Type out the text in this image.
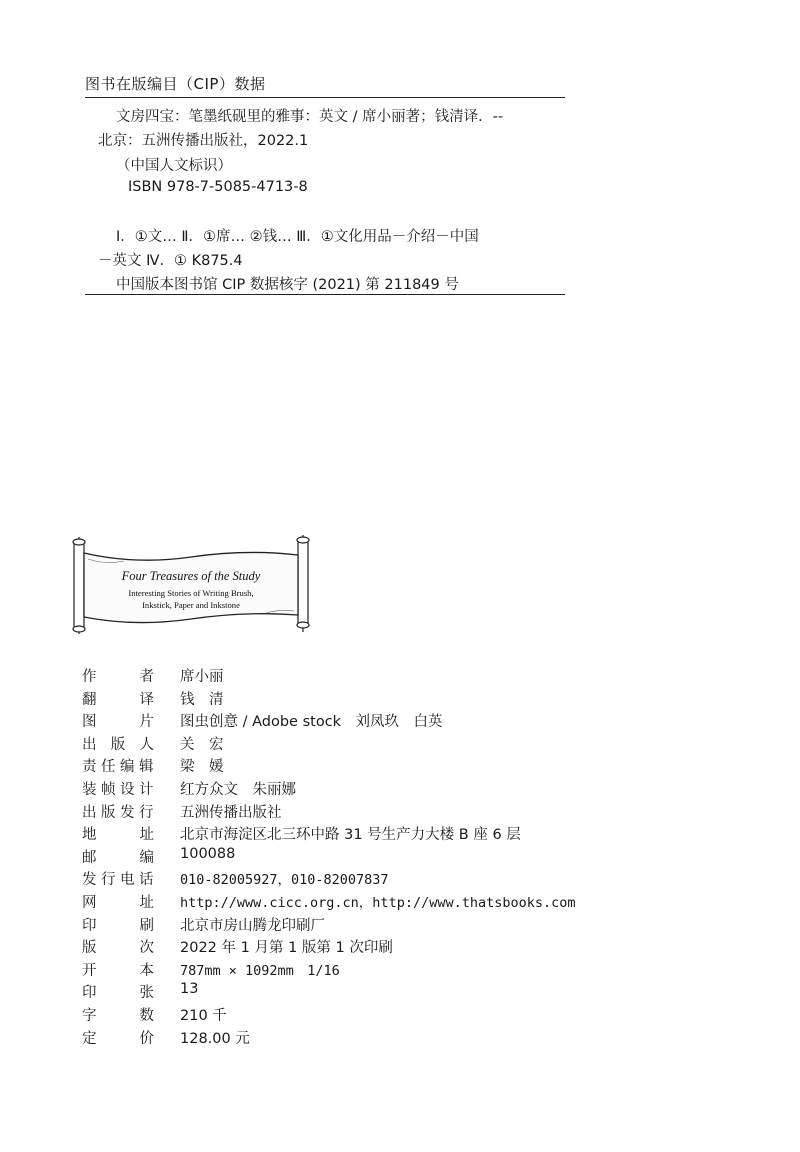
图书在版编目（CIP）数据
文房四宝：笔墨纸砚里的雅事：英文 / 席小丽著；钱清译．--
北京：五洲传播出版社，2022.1
（中国人文标识）
ISBN 978-7-5085-4713-8
Ⅰ．①文… Ⅱ．①席… ②钱… Ⅲ．①文化用品－介绍－中国
－英文 Ⅳ．① K875.4
中国版本图书馆 CIP 数据核字 (2021) 第 211849 号
Four Treasures of the Study
Interesting Stories of Writing Brush,
Inkstick, Paper and Inkstone
作	者 席小丽
翻	译 钱　清
图	片 图虫创意 / Adobe stock　刘凤玖　白英
出 版 人 关　宏
责 任 编 辑 梁　媛
装 帧 设 计 红方众文　朱丽娜
出 版 发 行 五洲传播出版社
地	址 北京市海淀区北三环中路 31 号生产力大楼 B 座 6 层
邮	编 100088
发 行 电 话 010-82005927，010-82007837
网	址 http://www.cicc.org.cn，http://www.thatsbooks.com
印	刷 北京市房山腾龙印刷厂
版	次 2022 年 1 月第 1 版第 1 次印刷
开	本 787mm × 1092mm　1/16
印	张 13
字	数 210 千
定	价 128.00 元
